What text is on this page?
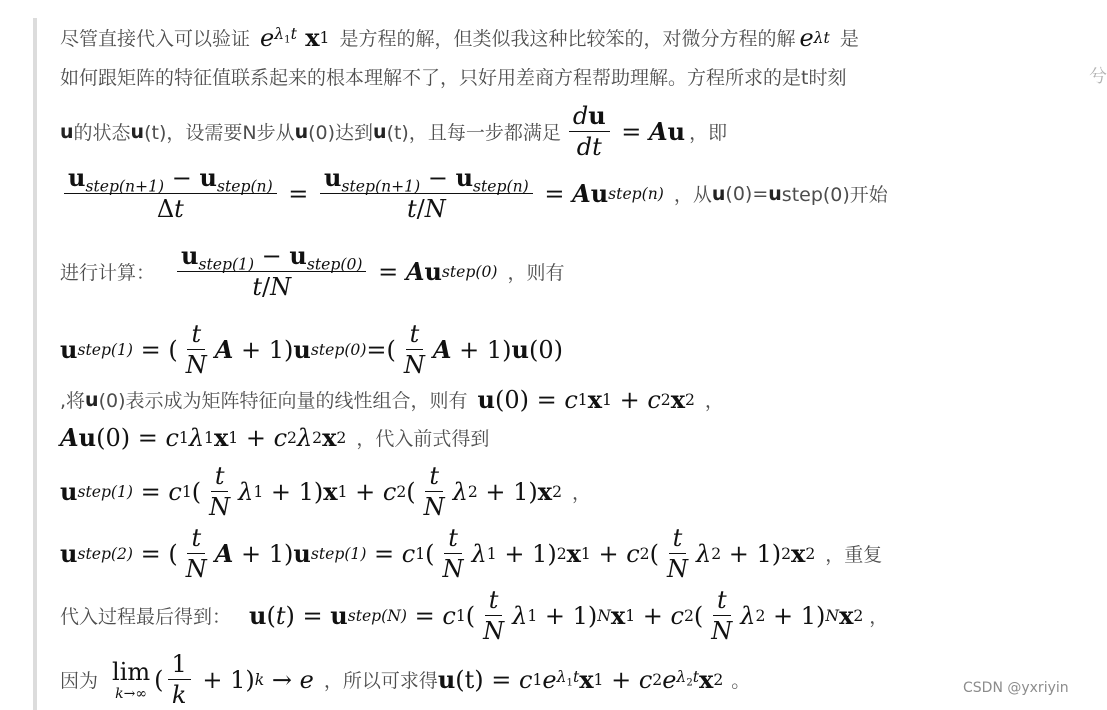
兮
尽管直接代入可以验证 e $\lambda_1t$ x 1 是方程的解，但类似我这种比较笨的，对微分方程的解 e λt 是
如何跟矩阵的特征值联系起来的根本理解不了，只好用差商方程帮助理解。方程所求的是t时刻
u 的状态 u (t)，设需要N步从 u (0)达到 u (t)，且每一步都满足 $\frac{du}{dt} = A$ u ，即
$\frac{u_{step(n+1)} - u_{step(n)}}{\Delta t} = \frac{u_{step(n+1)} - u_{step(n)}}{t/N} = A$ u step(n) ，从 u (0)= u step(0)开始
进行计算： $\frac{u_{step(1)} - u_{step(0)}}{t/N} = A$ u step(0) ，则有
u step(1) = ( $\frac{t}{N}$ A + 1) u step(0) =( $\frac{t}{N}$ A + 1) u (0)
,将 u (0)表示成为矩阵特征向量的线性组合，则有 u (0) = c 1 x 1 + c 2 x 2 ，
A u (0) = c 1 λ 1 x 1 + c 2 λ 2 x 2 ，代入前式得到
u step(1) = c 1 ( $\frac{t}{N}$ λ 1 + 1) x 1 + c 2 ( $\frac{t}{N}$ λ 2 + 1) x 2 ，
u step(2) = ( $\frac{t}{N}$ A + 1) u step(1) = c 1 ( $\frac{t}{N}$ λ 1 + 1) 2 x 1 + c 2 ( $\frac{t}{N}$ λ 2 + 1) 2 x 2 ，重复
代入过程最后得到： u ( t ) = u step(N) = c 1 ( $\frac{t}{N}$ λ 1 + 1) N x 1 + c 2 ( $\frac{t}{N}$ λ 2 + 1) N x 2 ，
因为 lim
k→∞ ( $\frac{1}{k} + 1$) k → e ，所以可求得 u (t) = c 1 e $\lambda_1t$ x 1 + c 2 e $\lambda_2t$ x 2 。	CSDN @yxriyin
